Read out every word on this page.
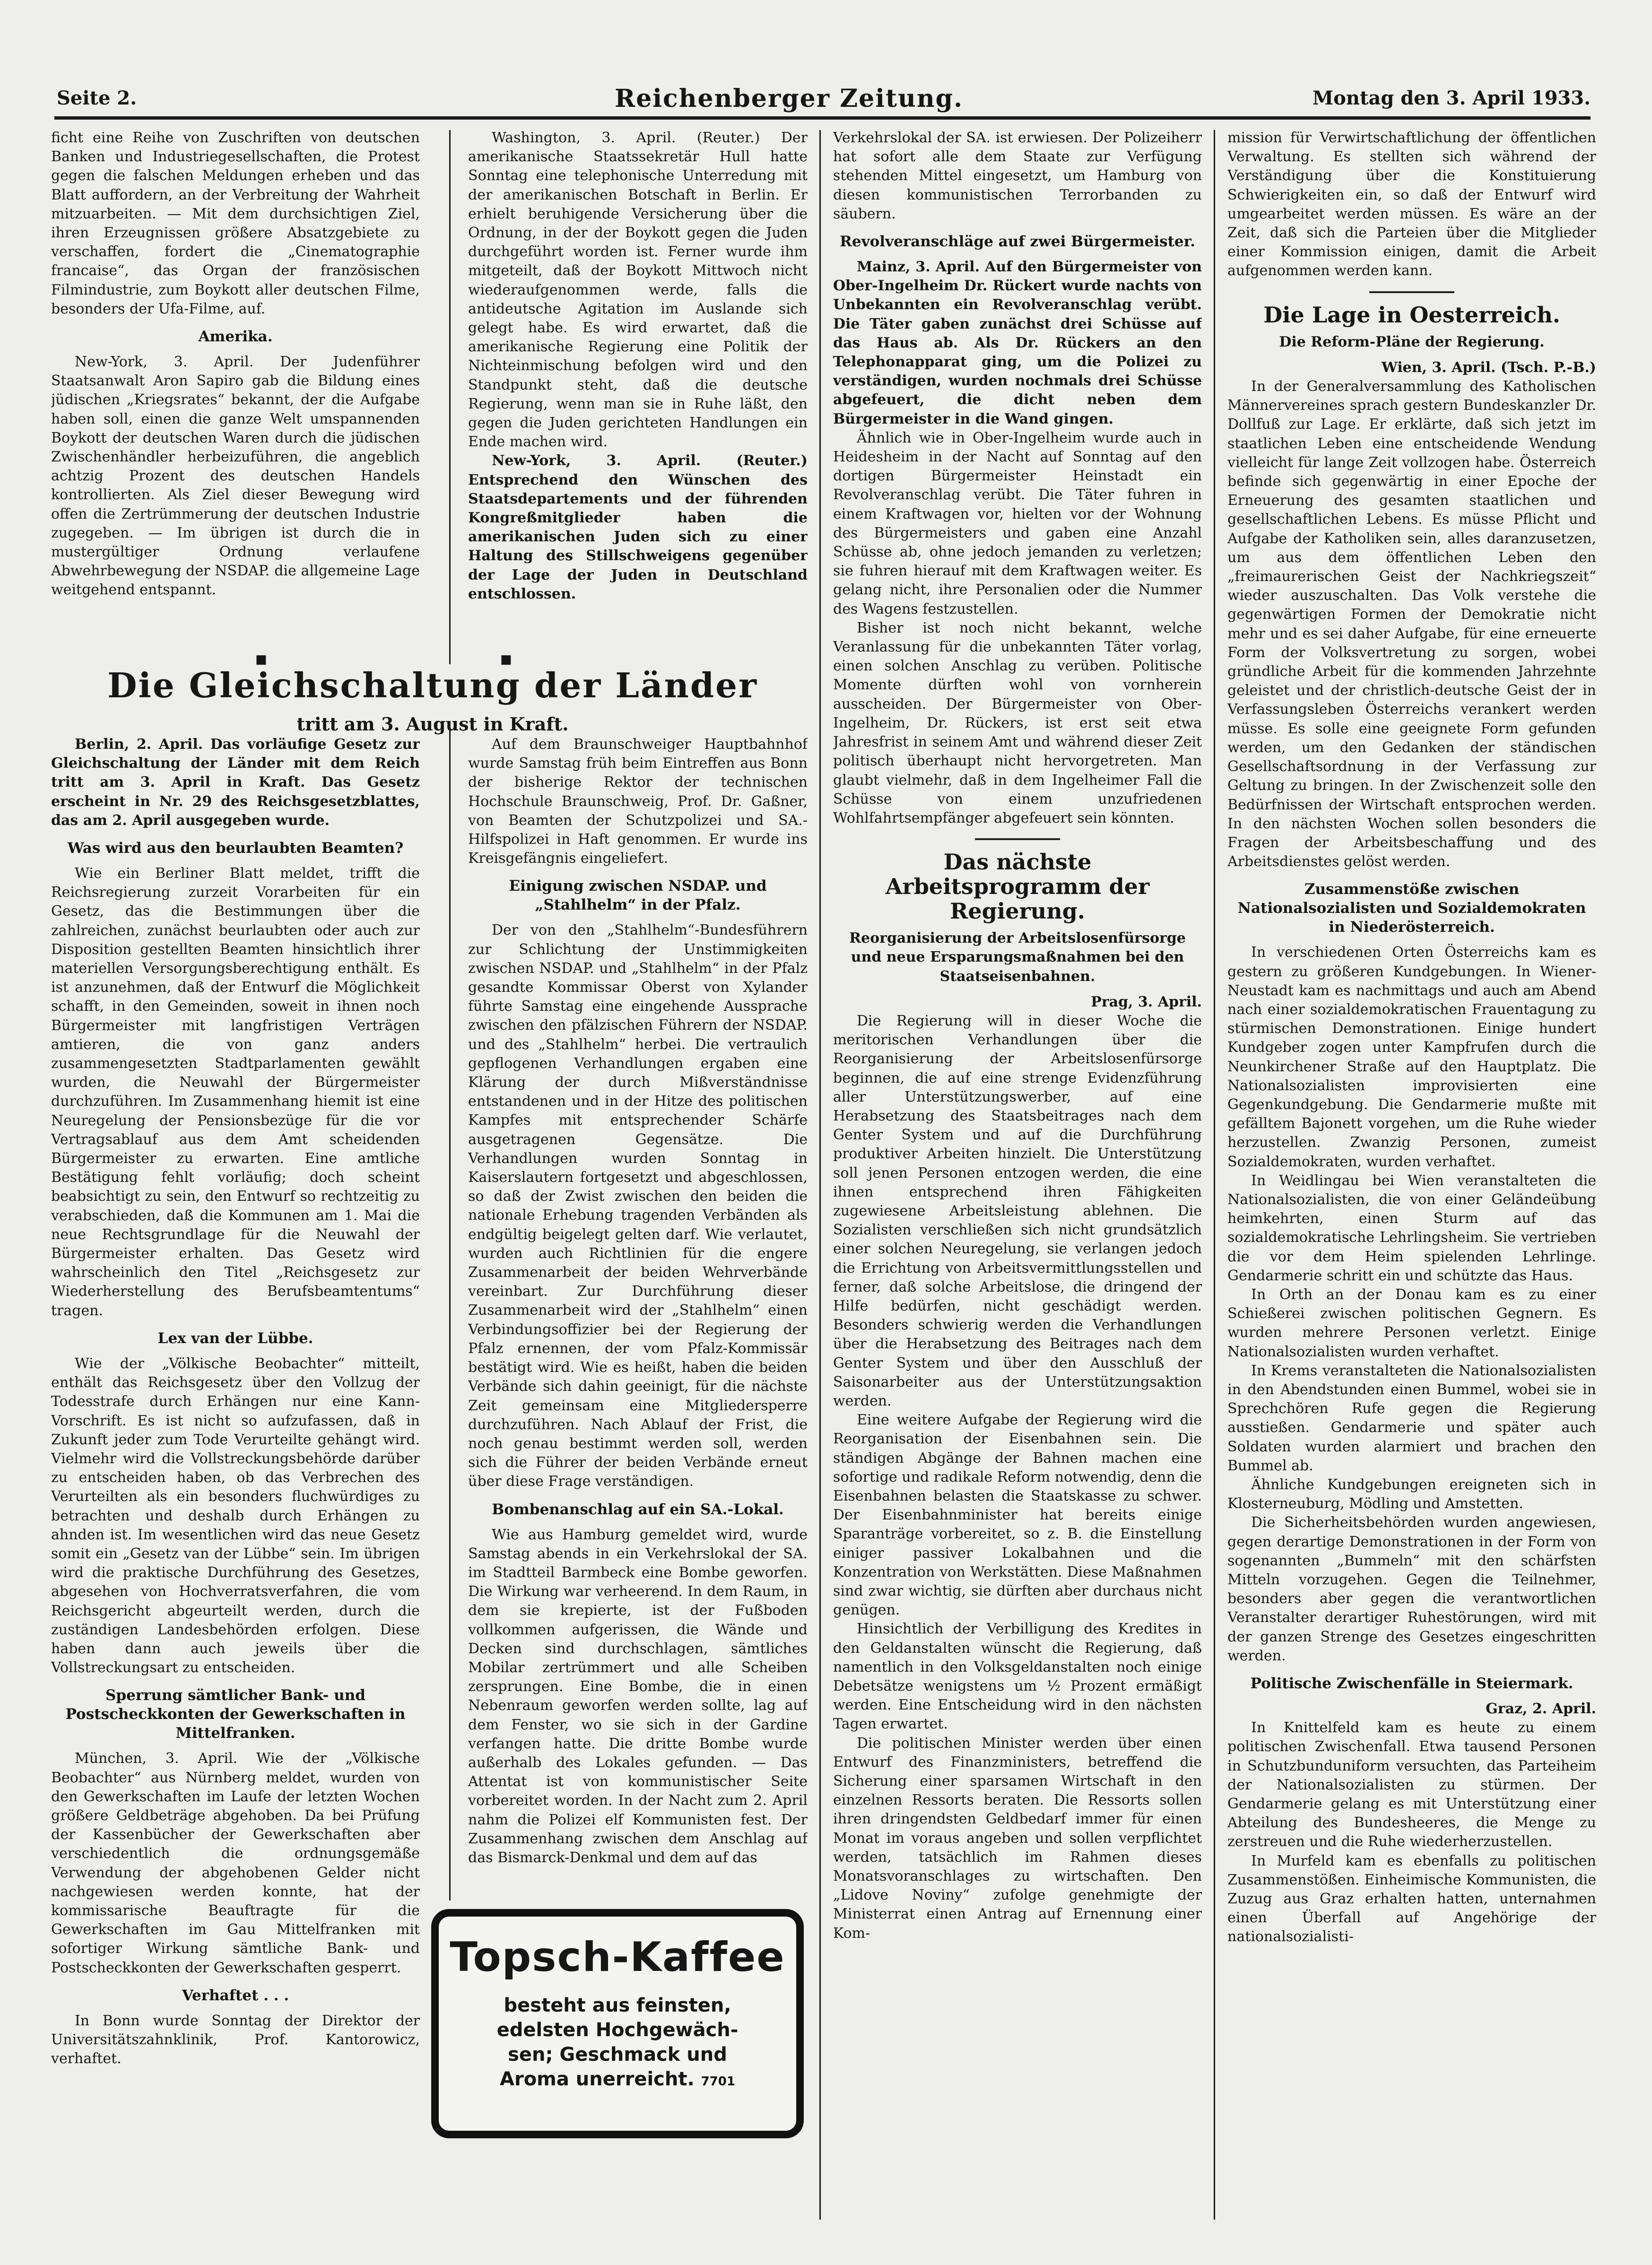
Seite 2.	Reichenberger Zeitung.	Montag den 3. April 1933.

ficht eine Reihe von Zuschriften von deutschen Banken und Industriegesellschaften, die Protest gegen die falschen Meldungen erheben und das Blatt auffordern, an der Verbreitung der Wahrheit mitzuarbeiten. — Mit dem durchsichtigen Ziel, ihren Erzeugnissen größere Absatzgebiete zu verschaffen, fordert die „Cinematographie francaise“, das Organ der französischen Filmindustrie, zum Boykott aller deutschen Filme, besonders der Ufa-Filme, auf.

Amerika.

New-York, 3. April. Der Judenführer Staatsanwalt Aron Sapiro gab die Bildung eines jüdischen „Kriegsrates“ bekannt, der die Aufgabe haben soll, einen die ganze Welt umspannenden Boykott der deutschen Waren durch die jüdischen Zwischenhändler herbeizuführen, die angeblich achtzig Prozent des deutschen Handels kontrollierten. Als Ziel dieser Bewegung wird offen die Zertrümmerung der deutschen Industrie zugegeben. — Im übrigen ist durch die in mustergültiger Ordnung verlaufene Abwehrbewegung der NSDAP. die allgemeine Lage weitgehend entspannt.

Washington, 3. April. (Reuter.) Der amerikanische Staatssekretär Hull hatte Sonntag eine telephonische Unterredung mit der amerikanischen Botschaft in Berlin. Er erhielt beruhigende Versicherung über die Ordnung, in der der Boykott gegen die Juden durchgeführt worden ist. Ferner wurde ihm mitgeteilt, daß der Boykott Mittwoch nicht wiederaufgenommen werde, falls die antideutsche Agitation im Auslande sich gelegt habe. Es wird erwartet, daß die amerikanische Regierung eine Politik der Nichteinmischung befolgen wird und den Standpunkt steht, daß die deutsche Regierung, wenn man sie in Ruhe läßt, den gegen die Juden gerichteten Handlungen ein Ende machen wird.

New-York, 3. April. (Reuter.) Entsprechend den Wünschen des Staatsdepartements und der führenden Kongreßmitglieder haben die amerikanischen Juden sich zu einer Haltung des Stillschweigens gegenüber der Lage der Juden in Deutschland entschlossen.

■	■
Die Gleichschaltung der Länder
tritt am 3. August in Kraft.

Berlin, 2. April. Das vorläufige Gesetz zur Gleichschaltung der Länder mit dem Reich tritt am 3. April in Kraft. Das Gesetz erscheint in Nr. 29 des Reichsgesetzblattes, das am 2. April ausgegeben wurde.

Was wird aus den beurlaubten Beamten?

Wie ein Berliner Blatt meldet, trifft die Reichsregierung zurzeit Vorarbeiten für ein Gesetz, das die Bestimmungen über die zahlreichen, zunächst beurlaubten oder auch zur Disposition gestellten Beamten hinsichtlich ihrer materiellen Versorgungsberechtigung enthält. Es ist anzunehmen, daß der Entwurf die Möglichkeit schafft, in den Gemeinden, soweit in ihnen noch Bürgermeister mit langfristigen Verträgen amtieren, die von ganz anders zusammengesetzten Stadtparlamenten gewählt wurden, die Neuwahl der Bürgermeister durchzuführen. Im Zusammenhang hiemit ist eine Neuregelung der Pensionsbezüge für die vor Vertragsablauf aus dem Amt scheidenden Bürgermeister zu erwarten. Eine amtliche Bestätigung fehlt vorläufig; doch scheint beabsichtigt zu sein, den Entwurf so rechtzeitig zu verabschieden, daß die Kommunen am 1. Mai die neue Rechtsgrundlage für die Neuwahl der Bürgermeister erhalten. Das Gesetz wird wahrscheinlich den Titel „Reichsgesetz zur Wiederherstellung des Berufsbeamtentums“ tragen.

Lex van der Lübbe.

Wie der „Völkische Beobachter“ mitteilt, enthält das Reichsgesetz über den Vollzug der Todesstrafe durch Erhängen nur eine Kann-Vorschrift. Es ist nicht so aufzufassen, daß in Zukunft jeder zum Tode Verurteilte gehängt wird. Vielmehr wird die Vollstreckungsbehörde darüber zu entscheiden haben, ob das Verbrechen des Verurteilten als ein besonders fluchwürdiges zu betrachten und deshalb durch Erhängen zu ahnden ist. Im wesentlichen wird das neue Gesetz somit ein „Gesetz van der Lübbe“ sein. Im übrigen wird die praktische Durchführung des Gesetzes, abgesehen von Hochverratsverfahren, die vom Reichsgericht abgeurteilt werden, durch die zuständigen Landesbehörden erfolgen. Diese haben dann auch jeweils über die Vollstreckungsart zu entscheiden.

Sperrung sämtlicher Bank- und Postscheckkonten der Gewerkschaften in Mittelfranken.

München, 3. April. Wie der „Völkische Beobachter“ aus Nürnberg meldet, wurden von den Gewerkschaften im Laufe der letzten Wochen größere Geldbeträge abgehoben. Da bei Prüfung der Kassenbücher der Gewerkschaften aber verschiedentlich die ordnungsgemäße Verwendung der abgehobenen Gelder nicht nachgewiesen werden konnte, hat der kommissarische Beauftragte für die Gewerkschaften im Gau Mittelfranken mit sofortiger Wirkung sämtliche Bank- und Postscheckkonten der Gewerkschaften gesperrt.

Verhaftet . . .

In Bonn wurde Sonntag der Direktor der Universitätszahnklinik, Prof. Kantorowicz, verhaftet.

Auf dem Braunschweiger Hauptbahnhof wurde Samstag früh beim Eintreffen aus Bonn der bisherige Rektor der technischen Hochschule Braunschweig, Prof. Dr. Gaßner, von Beamten der Schutzpolizei und SA.-Hilfspolizei in Haft genommen. Er wurde ins Kreisgefängnis eingeliefert.

Einigung zwischen NSDAP. und „Stahlhelm“ in der Pfalz.

Der von den „Stahlhelm“-Bundesführern zur Schlichtung der Unstimmigkeiten zwischen NSDAP. und „Stahlhelm“ in der Pfalz gesandte Kommissar Oberst von Xylander führte Samstag eine eingehende Aussprache zwischen den pfälzischen Führern der NSDAP. und des „Stahlhelm“ herbei. Die vertraulich gepflogenen Verhandlungen ergaben eine Klärung der durch Mißverständnisse entstandenen und in der Hitze des politischen Kampfes mit entsprechender Schärfe ausgetragenen Gegensätze. Die Verhandlungen wurden Sonntag in Kaiserslautern fortgesetzt und abgeschlossen, so daß der Zwist zwischen den beiden die nationale Erhebung tragenden Verbänden als endgültig beigelegt gelten darf. Wie verlautet, wurden auch Richtlinien für die engere Zusammenarbeit der beiden Wehrverbände vereinbart. Zur Durchführung dieser Zusammenarbeit wird der „Stahlhelm“ einen Verbindungsoffizier bei der Regierung der Pfalz ernennen, der vom Pfalz-Kommissär bestätigt wird. Wie es heißt, haben die beiden Verbände sich dahin geeinigt, für die nächste Zeit gemeinsam eine Mitgliedersperre durchzuführen. Nach Ablauf der Frist, die noch genau bestimmt werden soll, werden sich die Führer der beiden Verbände erneut über diese Frage verständigen.

Bombenanschlag auf ein SA.-Lokal.

Wie aus Hamburg gemeldet wird, wurde Samstag abends in ein Verkehrslokal der SA. im Stadtteil Barmbeck eine Bombe geworfen. Die Wirkung war verheerend. In dem Raum, in dem sie krepierte, ist der Fußboden vollkommen aufgerissen, die Wände und Decken sind durchschlagen, sämtliches Mobilar zertrümmert und alle Scheiben zersprungen. Eine Bombe, die in einen Nebenraum geworfen werden sollte, lag auf dem Fenster, wo sie sich in der Gardine verfangen hatte. Die dritte Bombe wurde außerhalb des Lokales gefunden. — Das Attentat ist von kommunistischer Seite vorbereitet worden. In der Nacht zum 2. April nahm die Polizei elf Kommunisten fest. Der Zusammenhang zwischen dem Anschlag auf das Bismarck-Denkmal und dem auf das

Topsch-Kaffee
besteht aus feinsten,
edelsten Hochgewäch-
sen; Geschmack und
Aroma unerreicht. 7701

Verkehrslokal der SA. ist erwiesen. Der Polizeiherr hat sofort alle dem Staate zur Verfügung stehenden Mittel eingesetzt, um Hamburg von diesen kommunistischen Terrorbanden zu säubern.

Revolveranschläge auf zwei Bürgermeister.

Mainz, 3. April. Auf den Bürgermeister von Ober-Ingelheim Dr. Rückert wurde nachts von Unbekannten ein Revolveranschlag verübt. Die Täter gaben zunächst drei Schüsse auf das Haus ab. Als Dr. Rückers an den Telephonapparat ging, um die Polizei zu verständigen, wurden nochmals drei Schüsse abgefeuert, die dicht neben dem Bürgermeister in die Wand gingen.

Ähnlich wie in Ober-Ingelheim wurde auch in Heidesheim in der Nacht auf Sonntag auf den dortigen Bürgermeister Heinstadt ein Revolveranschlag verübt. Die Täter fuhren in einem Kraftwagen vor, hielten vor der Wohnung des Bürgermeisters und gaben eine Anzahl Schüsse ab, ohne jedoch jemanden zu verletzen; sie fuhren hierauf mit dem Kraftwagen weiter. Es gelang nicht, ihre Personalien oder die Nummer des Wagens festzustellen.

Bisher ist noch nicht bekannt, welche Veranlassung für die unbekannten Täter vorlag, einen solchen Anschlag zu verüben. Politische Momente dürften wohl von vornherein ausscheiden. Der Bürgermeister von Ober-Ingelheim, Dr. Rückers, ist erst seit etwa Jahresfrist in seinem Amt und während dieser Zeit politisch überhaupt nicht hervorgetreten. Man glaubt vielmehr, daß in dem Ingelheimer Fall die Schüsse von einem unzufriedenen Wohlfahrtsempfänger abgefeuert sein könnten.

Das nächste Arbeitsprogramm der Regierung.
Reorganisierung der Arbeitslosenfürsorge und neue Ersparungsmaßnahmen bei den Staatseisenbahnen.
Prag, 3. April.

Die Regierung will in dieser Woche die meritorischen Verhandlungen über die Reorganisierung der Arbeitslosenfürsorge beginnen, die auf eine strenge Evidenzführung aller Unterstützungswerber, auf eine Herabsetzung des Staatsbeitrages nach dem Genter System und auf die Durchführung produktiver Arbeiten hinzielt. Die Unterstützung soll jenen Personen entzogen werden, die eine ihnen entsprechend ihren Fähigkeiten zugewiesene Arbeitsleistung ablehnen. Die Sozialisten verschließen sich nicht grundsätzlich einer solchen Neuregelung, sie verlangen jedoch die Errichtung von Arbeitsvermittlungsstellen und ferner, daß solche Arbeitslose, die dringend der Hilfe bedürfen, nicht geschädigt werden. Besonders schwierig werden die Verhandlungen über die Herabsetzung des Beitrages nach dem Genter System und über den Ausschluß der Saisonarbeiter aus der Unterstützungsaktion werden.

Eine weitere Aufgabe der Regierung wird die Reorganisation der Eisenbahnen sein. Die ständigen Abgänge der Bahnen machen eine sofortige und radikale Reform notwendig, denn die Eisenbahnen belasten die Staatskasse zu schwer. Der Eisenbahnminister hat bereits einige Sparanträge vorbereitet, so z. B. die Einstellung einiger passiver Lokalbahnen und die Konzentration von Werkstätten. Diese Maßnahmen sind zwar wichtig, sie dürften aber durchaus nicht genügen.

Hinsichtlich der Verbilligung des Kredites in den Geldanstalten wünscht die Regierung, daß namentlich in den Volksgeldanstalten noch einige Debetsätze wenigstens um ½ Prozent ermäßigt werden. Eine Entscheidung wird in den nächsten Tagen erwartet.

Die politischen Minister werden über einen Entwurf des Finanzministers, betreffend die Sicherung einer sparsamen Wirtschaft in den einzelnen Ressorts beraten. Die Ressorts sollen ihren dringendsten Geldbedarf immer für einen Monat im voraus angeben und sollen verpflichtet werden, tatsächlich im Rahmen dieses Monatsvoranschlages zu wirtschaften. Den „Lidove Noviny“ zufolge genehmigte der Ministerrat einen Antrag auf Ernennung einer Kom-

mission für Verwirtschaftlichung der öffentlichen Verwaltung. Es stellten sich während der Verständigung über die Konstituierung Schwierigkeiten ein, so daß der Entwurf wird umgearbeitet werden müssen. Es wäre an der Zeit, daß sich die Parteien über die Mitglieder einer Kommission einigen, damit die Arbeit aufgenommen werden kann.

Die Lage in Oesterreich.
Die Reform-Pläne der Regierung.
Wien, 3. April. (Tsch. P.-B.)

In der Generalversammlung des Katholischen Männervereines sprach gestern Bundeskanzler Dr. Dollfuß zur Lage. Er erklärte, daß sich jetzt im staatlichen Leben eine entscheidende Wendung vielleicht für lange Zeit vollzogen habe. Österreich befinde sich gegenwärtig in einer Epoche der Erneuerung des gesamten staatlichen und gesellschaftlichen Lebens. Es müsse Pflicht und Aufgabe der Katholiken sein, alles daranzusetzen, um aus dem öffentlichen Leben den „freimaurerischen Geist der Nachkriegszeit“ wieder auszuschalten. Das Volk verstehe die gegenwärtigen Formen der Demokratie nicht mehr und es sei daher Aufgabe, für eine erneuerte Form der Volksvertretung zu sorgen, wobei gründliche Arbeit für die kommenden Jahrzehnte geleistet und der christlich-deutsche Geist der in Verfassungsleben Österreichs verankert werden müsse. Es solle eine geeignete Form gefunden werden, um den Gedanken der ständischen Gesellschaftsordnung in der Verfassung zur Geltung zu bringen. In der Zwischenzeit solle den Bedürfnissen der Wirtschaft entsprochen werden. In den nächsten Wochen sollen besonders die Fragen der Arbeitsbeschaffung und des Arbeitsdienstes gelöst werden.

Zusammenstöße zwischen Nationalsozialisten und Sozialdemokraten in Niederösterreich.

In verschiedenen Orten Österreichs kam es gestern zu größeren Kundgebungen. In Wiener-Neustadt kam es nachmittags und auch am Abend nach einer sozialdemokratischen Frauentagung zu stürmischen Demonstrationen. Einige hundert Kundgeber zogen unter Kampfrufen durch die Neunkirchener Straße auf den Hauptplatz. Die Nationalsozialisten improvisierten eine Gegenkundgebung. Die Gendarmerie mußte mit gefälltem Bajonett vorgehen, um die Ruhe wieder herzustellen. Zwanzig Personen, zumeist Sozialdemokraten, wurden verhaftet.

In Weidlingau bei Wien veranstalteten die Nationalsozialisten, die von einer Geländeübung heimkehrten, einen Sturm auf das sozialdemokratische Lehrlingsheim. Sie vertrieben die vor dem Heim spielenden Lehrlinge. Gendarmerie schritt ein und schützte das Haus.

In Orth an der Donau kam es zu einer Schießerei zwischen politischen Gegnern. Es wurden mehrere Personen verletzt. Einige Nationalsozialisten wurden verhaftet.

In Krems veranstalteten die Nationalsozialisten in den Abendstunden einen Bummel, wobei sie in Sprechchören Rufe gegen die Regierung ausstießen. Gendarmerie und später auch Soldaten wurden alarmiert und brachen den Bummel ab.

Ähnliche Kundgebungen ereigneten sich in Klosterneuburg, Mödling und Amstetten.

Die Sicherheitsbehörden wurden angewiesen, gegen derartige Demonstrationen in der Form von sogenannten „Bummeln“ mit den schärfsten Mitteln vorzugehen. Gegen die Teilnehmer, besonders aber gegen die verantwortlichen Veranstalter derartiger Ruhestörungen, wird mit der ganzen Strenge des Gesetzes eingeschritten werden.

Politische Zwischenfälle in Steiermark.
Graz, 2. April.

In Knittelfeld kam es heute zu einem politischen Zwischenfall. Etwa tausend Personen in Schutzbunduniform versuchten, das Parteiheim der Nationalsozialisten zu stürmen. Der Gendarmerie gelang es mit Unterstützung einer Abteilung des Bundesheeres, die Menge zu zerstreuen und die Ruhe wiederherzustellen.

In Murfeld kam es ebenfalls zu politischen Zusammenstößen. Einheimische Kommunisten, die Zuzug aus Graz erhalten hatten, unternahmen einen Überfall auf Angehörige der nationalsozialisti-
